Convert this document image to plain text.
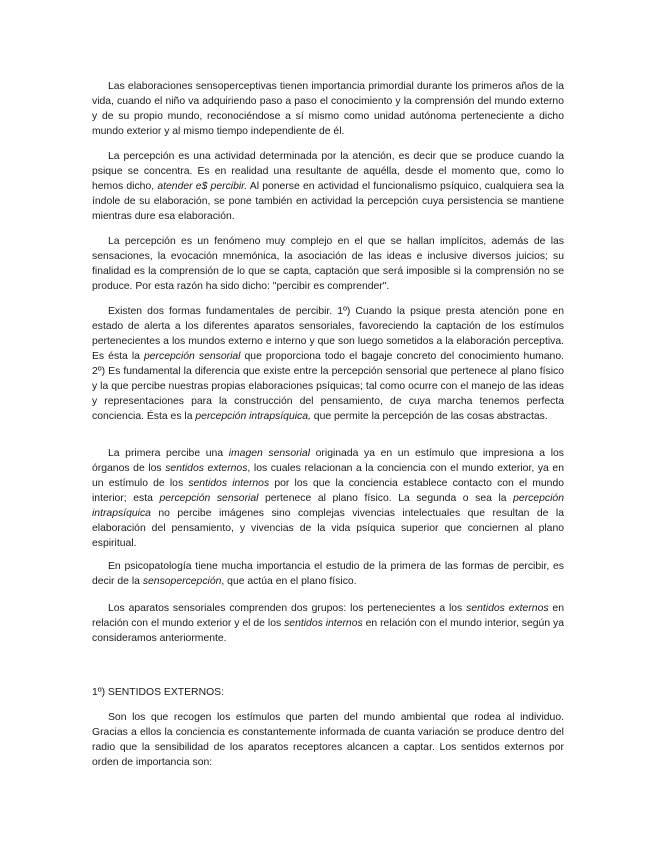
Las elaboraciones sensoperceptivas tienen importancia primordial durante los primeros años de la vida, cuando el niño va adquiriendo paso a paso el conocimiento y la comprensión del mundo externo y de su propio mundo, reconociéndose a sí mismo como unidad autónoma perteneciente a dicho mundo exterior y al mismo tiempo independiente de él.

La percepción es una actividad determinada por la atención, es decir que se produce cuando la psique se concentra. Es en realidad una resultante de aquélla, desde el momento que, como lo hemos dicho, atender e$ percibir. Al ponerse en actividad el funcionalismo psíquico, cualquiera sea la índole de su elaboración, se pone también en actividad la percepción cuya persistencia se mantiene mientras dure esa elaboración.

La percepción es un fenómeno muy complejo en el que se hallan implícitos, además de las sensaciones, la evocación mnemónica, la asociación de las ideas e inclusive diversos juicios; su finalidad es la comprensión de lo que se capta, captación que será imposible si la comprensión no se produce. Por esta razón ha sido dicho: "percibir es comprender".

Existen dos formas fundamentales de percibir. 1º) Cuando la psique presta atención pone en estado de alerta a los diferentes aparatos sensoriales, favoreciendo la captación de los estímulos pertenecientes a los mundos externo e interno y que son luego sometidos a la elaboración perceptiva. Es ésta la percepción sensorial que proporciona todo el bagaje concreto del conocimiento humano. 2º) Es fundamental la diferencia que existe entre la percepción sensorial que pertenece al plano físico y la que percibe nuestras propias elaboraciones psíquicas; tal como ocurre con el manejo de las ideas y representaciones para la construcción del pensamiento, de cuya marcha tenemos perfecta conciencia. Ésta es la percepción intrapsíquica, que permite la percepción de las cosas abstractas.

La primera percibe una imagen sensorial originada ya en un estímulo que impresiona a los órganos de los sentidos externos, los cuales relacionan a la conciencia con el mundo exterior, ya en un estímulo de los sentidos internos por los que la conciencia establece contacto con el mundo interior; esta percepción sensorial pertenece al plano físico. La segunda o sea la percepción intrapsíquica no percibe imágenes sino complejas vivencias intelectuales que resultan de la elaboración del pensamiento, y vivencias de la vida psíquica superior que conciernen al plano espiritual.

En psicopatología tiene mucha importancia el estudio de la primera de las formas de percibir, es decir de la sensopercepción, que actúa en el plano físico.

Los aparatos sensoriales comprenden dos grupos: los pertenecientes a los sentidos externos en relación con el mundo exterior y el de los sentidos internos en relación con el mundo interior, según ya consideramos anteriormente.

1º) SENTIDOS EXTERNOS:

Son los que recogen los estímulos que parten del mundo ambiental que rodea al individuo. Gracias a ellos la conciencia es constantemente informada de cuanta variación se produce dentro del radio que la sensibilidad de los aparatos receptores alcancen a captar. Los sentidos externos por orden de importancia son:
